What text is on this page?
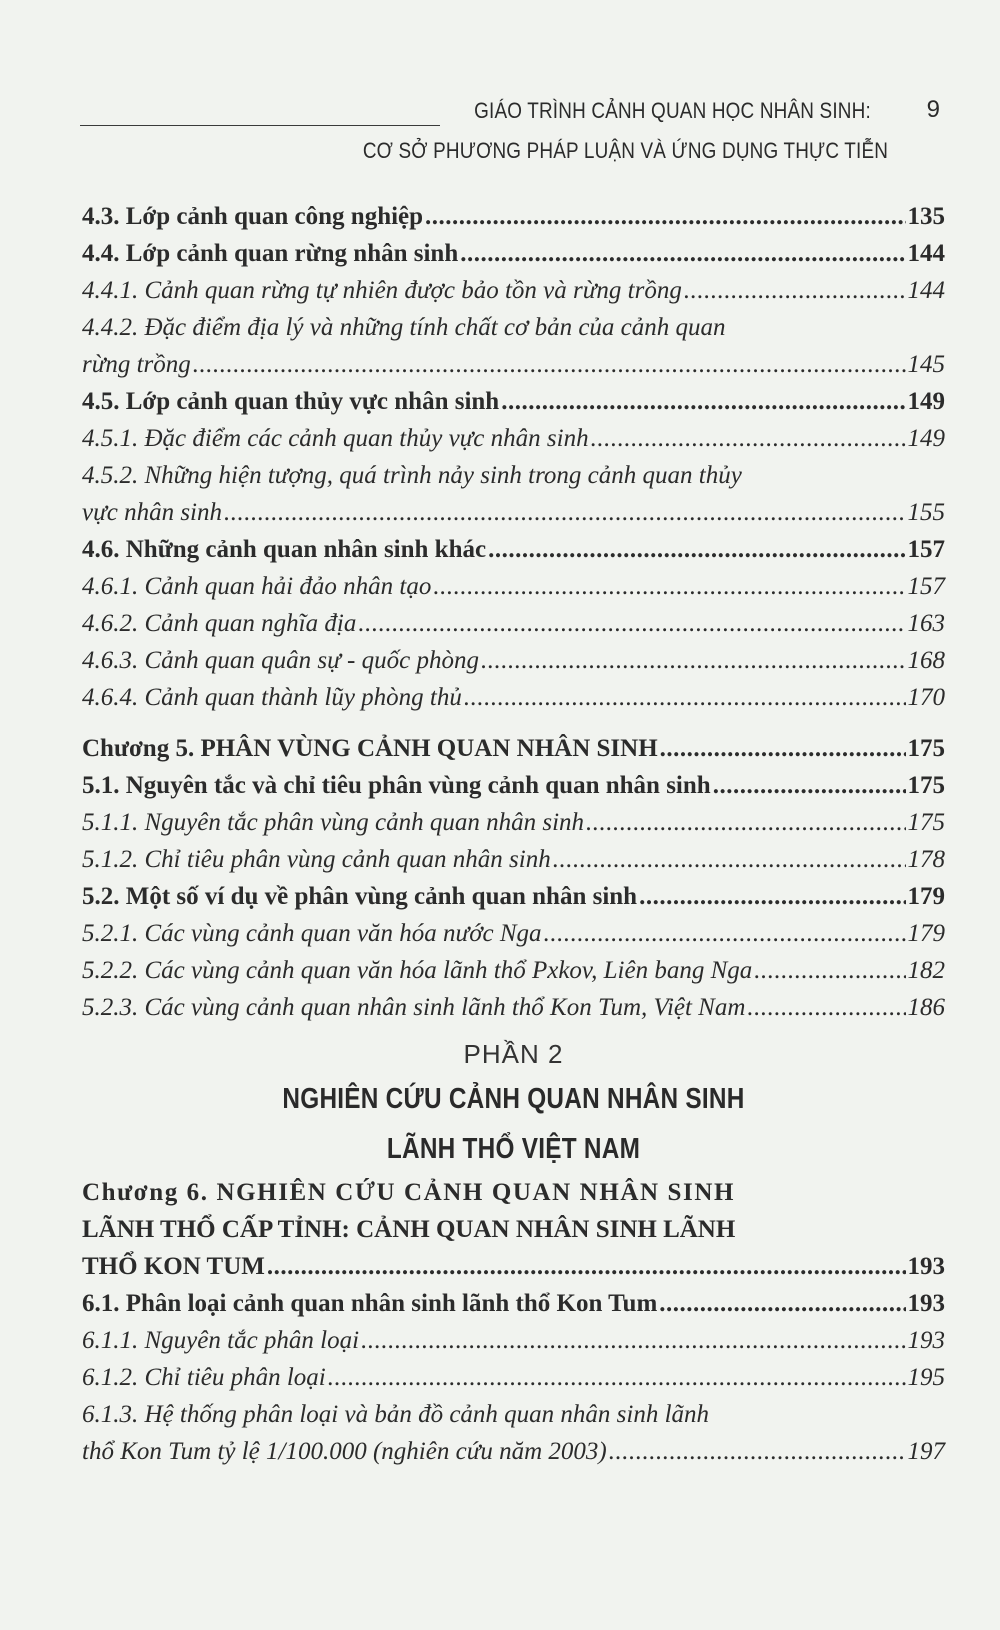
GIÁO TRÌNH CẢNH QUAN HỌC NHÂN SINH:	9
CƠ SỞ PHƯƠNG PHÁP LUẬN VÀ ỨNG DỤNG THỰC TIỄN
4.3. Lớp cảnh quan công nghiệp .....	135
4.4. Lớp cảnh quan rừng nhân sinh .....	144
4.4.1. Cảnh quan rừng tự nhiên được bảo tồn và rừng trồng .....	144
4.4.2. Đặc điểm địa lý và những tính chất cơ bản của cảnh quan
rừng trồng .....	145
4.5. Lớp cảnh quan thủy vực nhân sinh .....	149
4.5.1. Đặc điểm các cảnh quan thủy vực nhân sinh .....	149
4.5.2. Những hiện tượng, quá trình nảy sinh trong cảnh quan thủy
vực nhân sinh .....	155
4.6. Những cảnh quan nhân sinh khác .....	157
4.6.1. Cảnh quan hải đảo nhân tạo .....	157
4.6.2. Cảnh quan nghĩa địa .....	163
4.6.3. Cảnh quan quân sự - quốc phòng .....	168
4.6.4. Cảnh quan thành lũy phòng thủ .....	170
Chương 5. PHÂN VÙNG CẢNH QUAN NHÂN SINH .....	175
5.1. Nguyên tắc và chỉ tiêu phân vùng cảnh quan nhân sinh .....	175
5.1.1. Nguyên tắc phân vùng cảnh quan nhân sinh .....	175
5.1.2. Chỉ tiêu phân vùng cảnh quan nhân sinh .....	178
5.2. Một số ví dụ về phân vùng cảnh quan nhân sinh .....	179
5.2.1. Các vùng cảnh quan văn hóa nước Nga .....	179
5.2.2. Các vùng cảnh quan văn hóa lãnh thổ Pxkov, Liên bang Nga .....	182
5.2.3. Các vùng cảnh quan nhân sinh lãnh thổ Kon Tum, Việt Nam .....	186
PHẦN 2
NGHIÊN CỨU CẢNH QUAN NHÂN SINH
LÃNH THỔ VIỆT NAM
Chương 6. NGHIÊN CỨU CẢNH QUAN NHÂN SINH
LÃNH THỔ CẤP TỈNH: CẢNH QUAN NHÂN SINH LÃNH
THỔ KON TUM .....	193
6.1. Phân loại cảnh quan nhân sinh lãnh thổ Kon Tum .....	193
6.1.1. Nguyên tắc phân loại .....	193
6.1.2. Chỉ tiêu phân loại .....	195
6.1.3. Hệ thống phân loại và bản đồ cảnh quan nhân sinh lãnh
thổ Kon Tum tỷ lệ 1/100.000 (nghiên cứu năm 2003) .....	197
